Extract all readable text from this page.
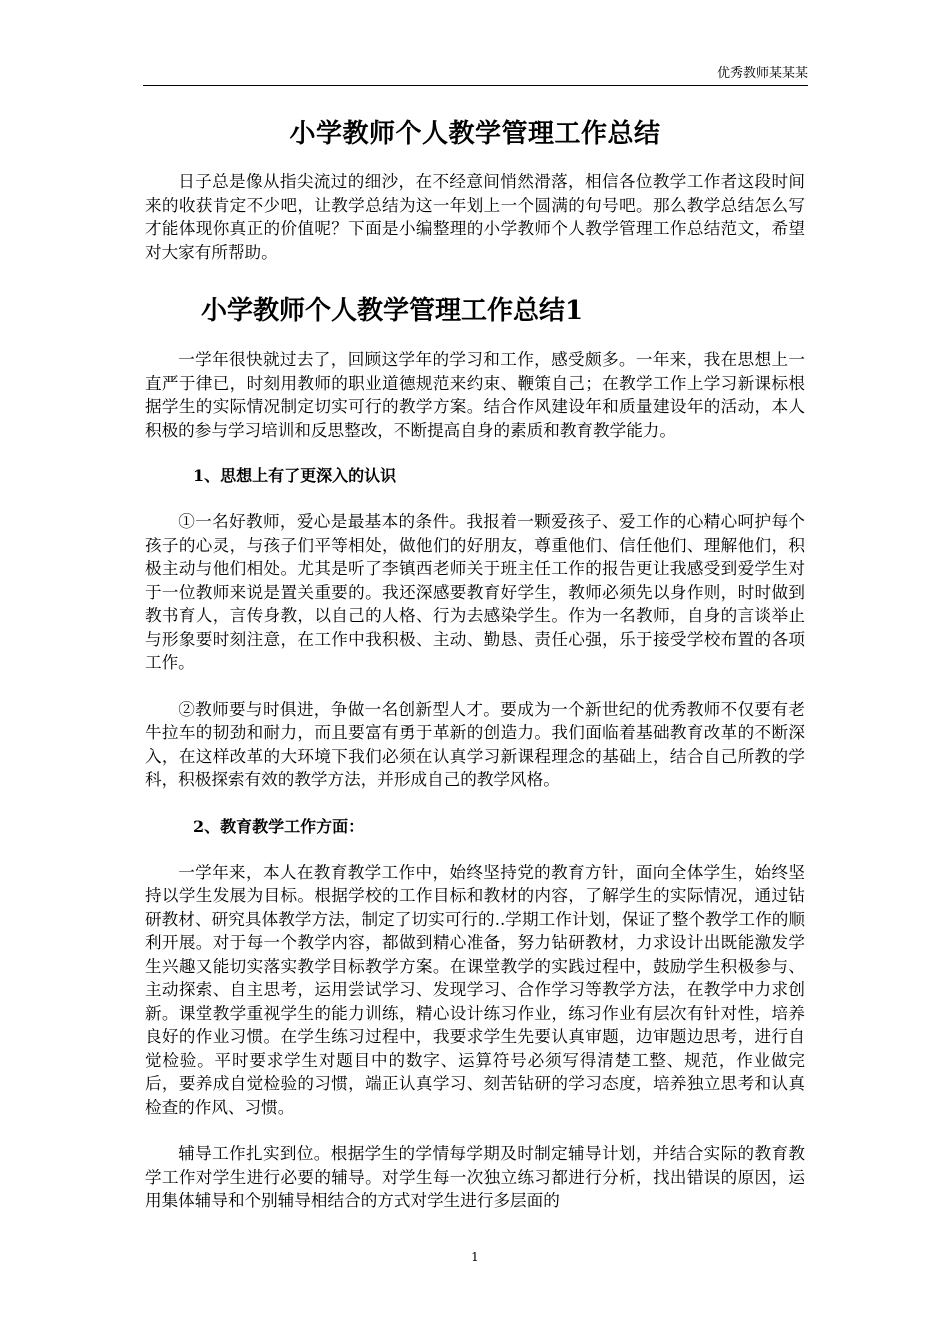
优秀教师某某某
小学教师个人教学管理工作总结

日子总是像从指尖流过的细沙，在不经意间悄然滑落，相信各位教学工作者这段时间来的收获肯定不少吧，让教学总结为这一年划上一个圆满的句号吧。那么教学总结怎么写才能体现你真正的价值呢？下面是小编整理的小学教师个人教学管理工作总结范文，希望对大家有所帮助。

小学教师个人教学管理工作总结1

一学年很快就过去了，回顾这学年的学习和工作，感受颇多。一年来，我在思想上一直严于律已，时刻用教师的职业道德规范来约束、鞭策自己；在教学工作上学习新课标根据学生的实际情况制定切实可行的教学方案。结合作风建设年和质量建设年的活动，本人积极的参与学习培训和反思整改，不断提高自身的素质和教育教学能力。

1、思想上有了更深入的认识

①一名好教师，爱心是最基本的条件。我报着一颗爱孩子、爱工作的心精心呵护每个孩子的心灵，与孩子们平等相处，做他们的好朋友，尊重他们、信任他们、理解他们，积极主动与他们相处。尤其是听了李镇西老师关于班主任工作的报告更让我感受到爱学生对于一位教师来说是置关重要的。我还深感要教育好学生，教师必须先以身作则，时时做到教书育人，言传身教，以自己的人格、行为去感染学生。作为一名教师，自身的言谈举止与形象要时刻注意，在工作中我积极、主动、勤恳、责任心强，乐于接受学校布置的各项工作。

②教师要与时俱进，争做一名创新型人才。要成为一个新世纪的优秀教师不仅要有老牛拉车的韧劲和耐力，而且要富有勇于革新的创造力。我们面临着基础教育改革的不断深入，在这样改革的大环境下我们必须在认真学习新课程理念的基础上，结合自己所教的学科，积极探索有效的教学方法，并形成自己的教学风格。

2、教育教学工作方面：

一学年来，本人在教育教学工作中，始终坚持党的教育方针，面向全体学生，始终坚持以学生发展为目标。根据学校的工作目标和教材的内容，了解学生的实际情况，通过钻研教材、研究具体教学方法，制定了切实可行的..学期工作计划，保证了整个教学工作的顺利开展。对于每一个教学内容，都做到精心准备，努力钻研教材，力求设计出既能激发学生兴趣又能切实落实教学目标教学方案。在课堂教学的实践过程中，鼓励学生积极参与、主动探索、自主思考，运用尝试学习、发现学习、合作学习等教学方法，在教学中力求创新。课堂教学重视学生的能力训练，精心设计练习作业，练习作业有层次有针对性，培养良好的作业习惯。在学生练习过程中，我要求学生先要认真审题，边审题边思考，进行自觉检验。平时要求学生对题目中的数字、运算符号必须写得清楚工整、规范，作业做完后，要养成自觉检验的习惯，端正认真学习、刻苦钻研的学习态度，培养独立思考和认真检查的作风、习惯。

辅导工作扎实到位。根据学生的学情每学期及时制定辅导计划，并结合实际的教育教学工作对学生进行必要的辅导。对学生每一次独立练习都进行分析，找出错误的原因，运用集体辅导和个别辅导相结合的方式对学生进行多层面的

1
